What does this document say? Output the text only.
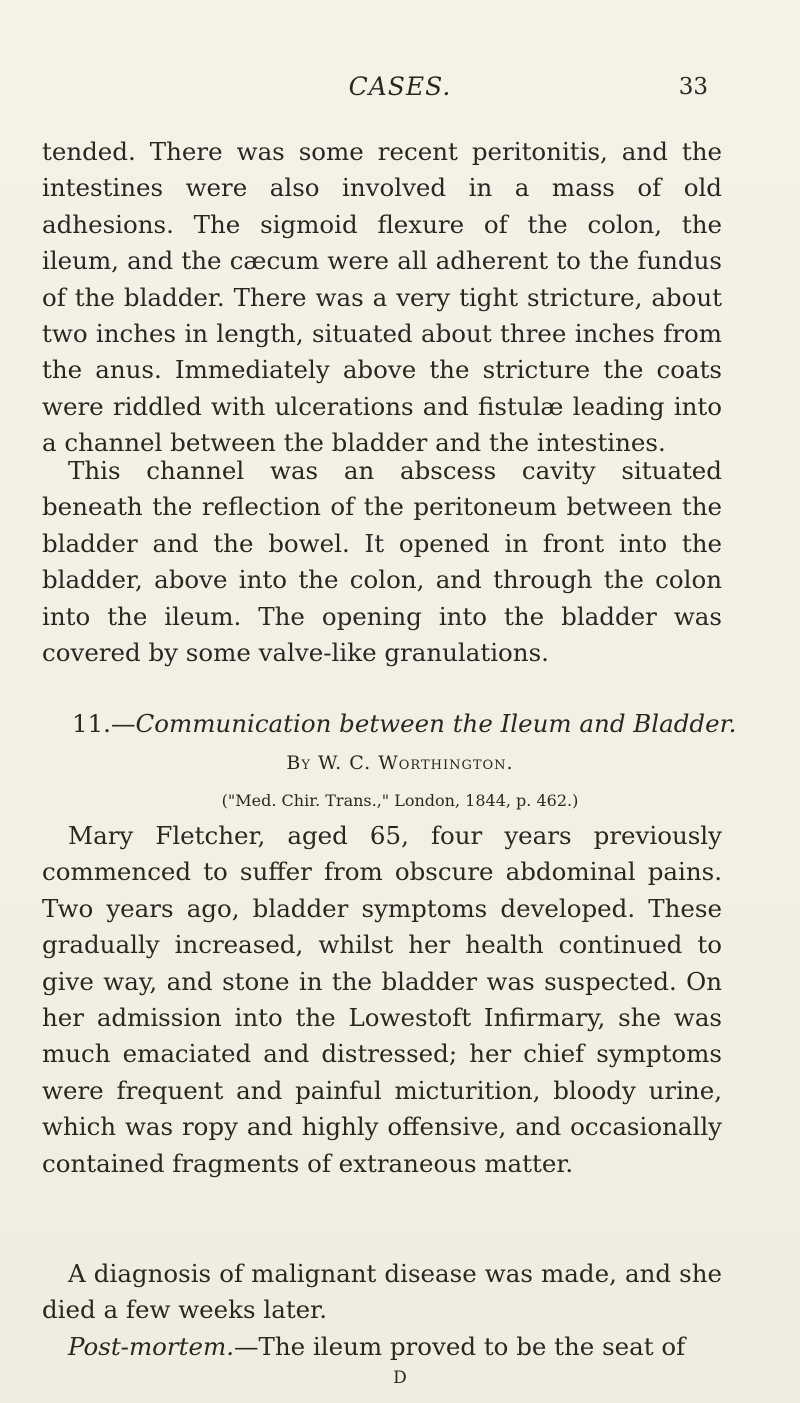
CASES.	33

tended. There was some recent peritonitis, and the intestines were also involved in a mass of old adhesions. The sigmoid flexure of the colon, the ileum, and the cæcum were all adherent to the fundus of the bladder. There was a very tight stricture, about two inches in length, situated about three inches from the anus. Immediately above the stricture the coats were riddled with ulcerations and fistulæ leading into a channel between the bladder and the intestines.

This channel was an abscess cavity situated beneath the reflection of the peritoneum between the bladder and the bowel. It opened in front into the bladder, above into the colon, and through the colon into the ileum. The opening into the bladder was covered by some valve-like granulations.

11.—Communication between the Ileum and Bladder.
By W. C. Worthington.
("Med. Chir. Trans.," London, 1844, p. 462.)

Mary Fletcher, aged 65, four years previously commenced to suffer from obscure abdominal pains. Two years ago, bladder symptoms developed. These gradually increased, whilst her health continued to give way, and stone in the bladder was suspected. On her admission into the Lowestoft Infirmary, she was much emaciated and distressed; her chief symptoms were frequent and painful micturition, bloody urine, which was ropy and highly offensive, and occasionally contained fragments of extraneous matter.

A diagnosis of malignant disease was made, and she died a few weeks later.

Post-mortem.—The ileum proved to be the seat of

D
